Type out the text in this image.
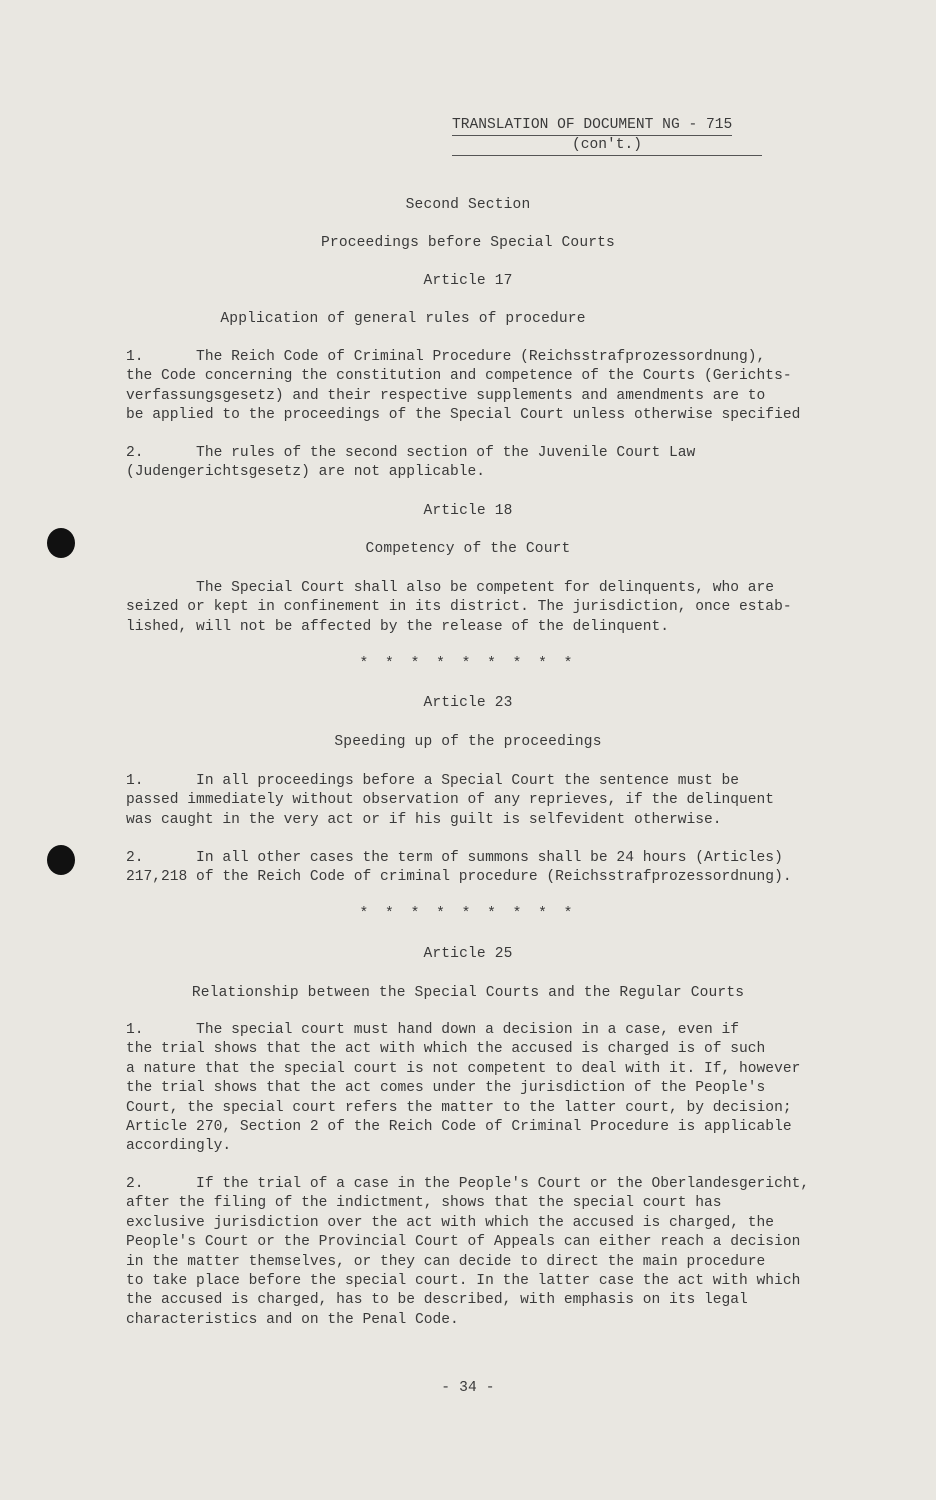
TRANSLATION OF DOCUMENT NG - 715
(con't.)
Second Section
Proceedings before Special Courts
Article 17
Application of general rules of procedure
1.      The Reich Code of Criminal Procedure (Reichsstrafprozessordnung),
the Code concerning the constitution and competence of the Courts (Gerichts-
verfassungsgesetz) and their respective supplements and amendments are to
be applied to the proceedings of the Special Court unless otherwise specified
2.      The rules of the second section of the Juvenile Court Law
(Judengerichtsgesetz) are not applicable.
Article 18
Competency of the Court
The Special Court shall also be competent for delinquents, who are
seized or kept in confinement in its district. The jurisdiction, once estab-
lished, will not be affected by the release of the delinquent.
* * * * * * * * *
Article 23
Speeding up of the proceedings
1.      In all proceedings before a Special Court the sentence must be
passed immediately without observation of any reprieves, if the delinquent
was caught in the very act or if his guilt is selfevident otherwise.
2.      In all other cases the term of summons shall be 24 hours (Articles)
217,218 of the Reich Code of criminal procedure (Reichsstrafprozessordnung).
* * * * * * * * *
Article 25
Relationship between the Special Courts and the Regular Courts
1.      The special court must hand down a decision in a case, even if
the trial shows that the act with which the accused is charged is of such
a nature that the special court is not competent to deal with it. If, however
the trial shows that the act comes under the jurisdiction of the People's
Court, the special court refers the matter to the latter court, by decision;
Article 270, Section 2 of the Reich Code of Criminal Procedure is applicable
accordingly.
2.      If the trial of a case in the People's Court or the Oberlandesgericht,
after the filing of the indictment, shows that the special court has
exclusive jurisdiction over the act with which the accused is charged, the
People's Court or the Provincial Court of Appeals can either reach a decision
in the matter themselves, or they can decide to direct the main procedure
to take place before the special court. In the latter case the act with which
the accused is charged, has to be described, with emphasis on its legal
characteristics and on the Penal Code.
- 34 -
